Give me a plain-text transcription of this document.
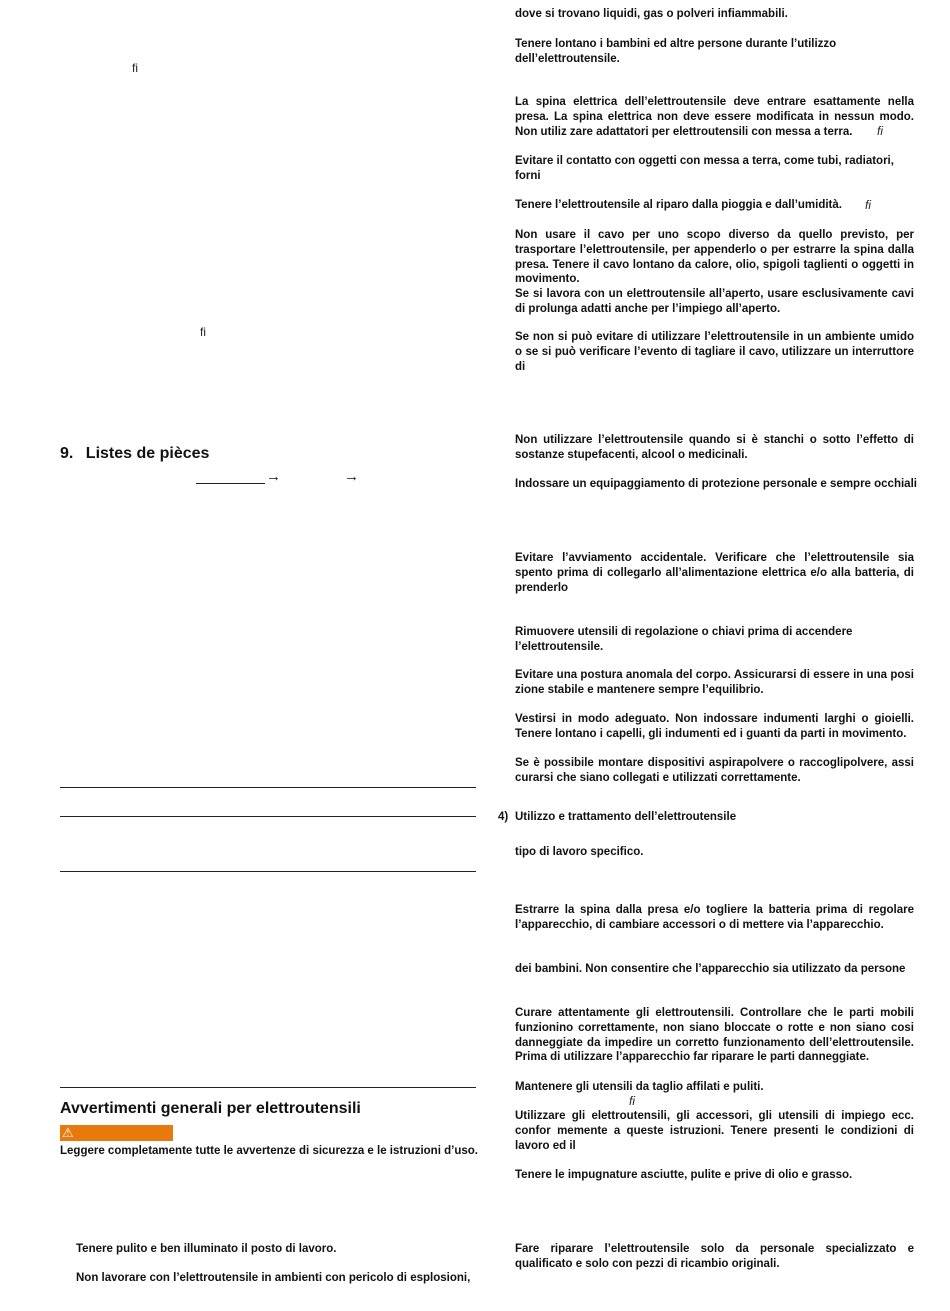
ﬁ
ﬁ
9. Listes de pièces
→	→
Avvertimenti generali per elettroutensili
⚠

Leggere completamente tutte le avvertenze di sicurezza e le istruzioni d’uso.

Tenere pulito e ben illuminato il posto di lavoro.

Non lavorare con l’elettroutensile in ambienti con pericolo di esplosioni,

dove si trovano liquidi, gas o polveri infiammabili.

Tenere lontano i bambini ed altre persone durante l’utilizzo dell’elettroutensile.

La spina elettrica dell’elettroutensile deve entrare esattamente nella presa. La spina elettrica non deve essere modificata in nessun modo. Non utiliz zare adattatori per elettroutensili con messa a terra.	ﬁ

Evitare il contatto con oggetti con messa a terra, come tubi, radiatori, forni

Tenere l’elettroutensile al riparo dalla pioggia e dall’umidità.	ﬁ

Non usare il cavo per uno scopo diverso da quello previsto, per trasportare l’elettroutensile, per appenderlo o per estrarre la spina dalla presa. Tenere il cavo lontano da calore, olio, spigoli taglienti o oggetti in movimento.

Se si lavora con un elettroutensile all’aperto, usare esclusivamente cavi di prolunga adatti anche per l’impiego all’aperto.

Se non si può evitare di utilizzare l’elettroutensile in un ambiente umido o se si può verificare l’evento di tagliare il cavo, utilizzare un interruttore di

Non utilizzare l’elettroutensile quando si è stanchi o sotto l’effetto di sostanze stupefacenti, alcool o medicinali.

Indossare un equipaggiamento di protezione personale e sempre occhiali

Evitare l’avviamento accidentale. Verificare che l’elettroutensile sia spento prima di collegarlo all’alimentazione elettrica e/o alla batteria, di prenderlo

Rimuovere utensili di regolazione o chiavi prima di accendere l’elettroutensile.

Evitare una postura anomala del corpo. Assicurarsi di essere in una posi zione stabile e mantenere sempre l’equilibrio.

Vestirsi in modo adeguato. Non indossare indumenti larghi o gioielli. Tenere lontano i capelli, gli indumenti ed i guanti da parti in movimento.

Se è possibile montare dispositivi aspirapolvere o raccoglipolvere, assi curarsi che siano collegati e utilizzati correttamente.

4) Utilizzo e trattamento dell’elettroutensile

tipo di lavoro specifico.

Estrarre la spina dalla presa e/o togliere la batteria prima di regolare l’apparecchio, di cambiare accessori o di mettere via l’apparecchio.

dei bambini. Non consentire che l’apparecchio sia utilizzato da persone

Curare attentamente gli elettroutensili. Controllare che le parti mobili funzionino correttamente, non siano bloccate o rotte e non siano cosi danneggiate da impedire un corretto funzionamento dell’elettroutensile. Prima di utilizzare l’apparecchio far riparare le parti danneggiate.

Mantenere gli utensili da taglio affilati e puliti.

ﬁ

Utilizzare gli elettroutensili, gli accessori, gli utensili di impiego ecc. confor memente a queste istruzioni. Tenere presenti le condizioni di lavoro ed il

Tenere le impugnature asciutte, pulite e prive di olio e grasso.

Fare riparare l’elettroutensile solo da personale specializzato e qualificato e solo con pezzi di ricambio originali.
